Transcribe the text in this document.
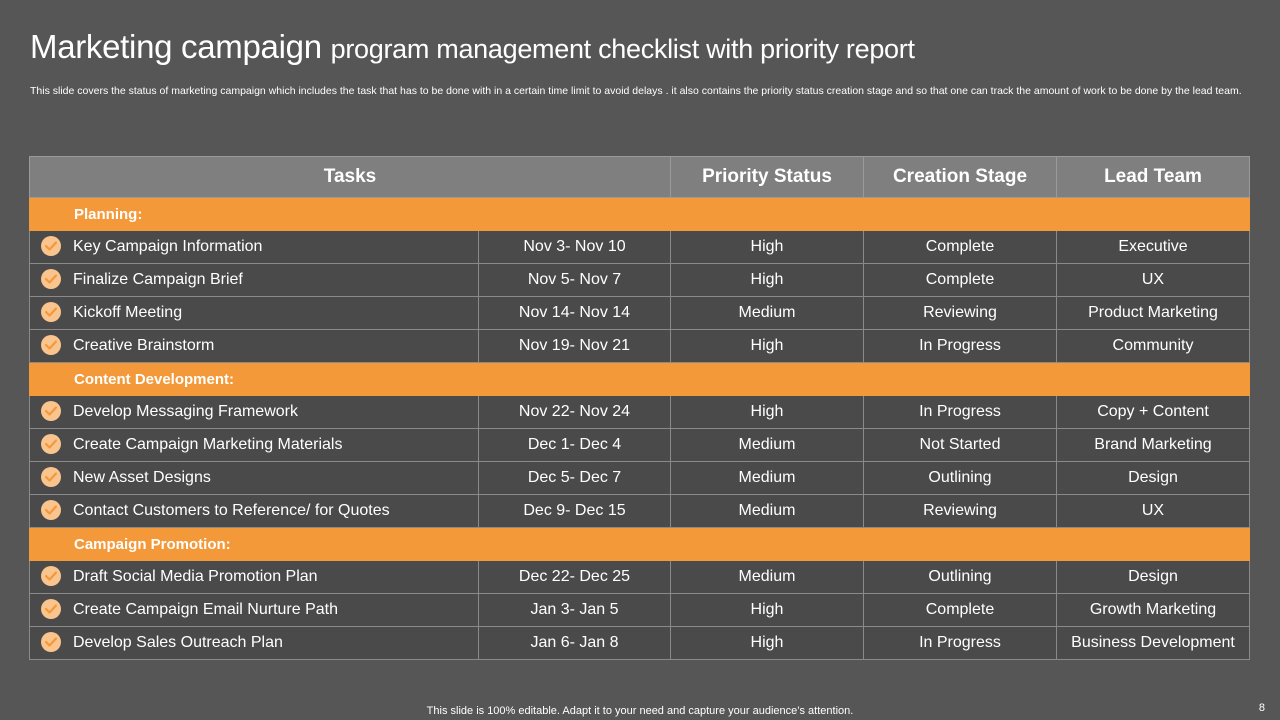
Marketing campaign program management checklist with priority report
This slide covers the status of marketing campaign which includes the task that has to be done with in a certain time limit to avoid delays . it also contains the priority status creation stage and so that one can track the amount of work to be done by the lead team.
Tasks		Priority Status	Creation Stage	Lead Team
Planning:				

Key Campaign Information	Nov 3- Nov 10	High	Complete	Executive

Finalize Campaign Brief	Nov 5- Nov 7	High	Complete	UX

Kickoff Meeting	Nov 14- Nov 14	Medium	Reviewing	Product Marketing

Creative Brainstorm	Nov 19- Nov 21	High	In Progress	Community
Content Development:				

Develop Messaging Framework	Nov 22- Nov 24	High	In Progress	Copy + Content

Create Campaign Marketing Materials	Dec 1- Dec 4	Medium	Not Started	Brand Marketing

New Asset Designs	Dec 5- Dec 7	Medium	Outlining	Design

Contact Customers to Reference/ for Quotes	Dec 9- Dec 15	Medium	Reviewing	UX
Campaign Promotion:				

Draft Social Media Promotion Plan	Dec 22- Dec 25	Medium	Outlining	Design

Create Campaign Email Nurture Path	Jan 3- Jan 5	High	Complete	Growth Marketing

Develop Sales Outreach Plan	Jan 6- Jan 8	High	In Progress	Business Development
This slide is 100% editable. Adapt it to your need and capture your audience’s attention.	8
